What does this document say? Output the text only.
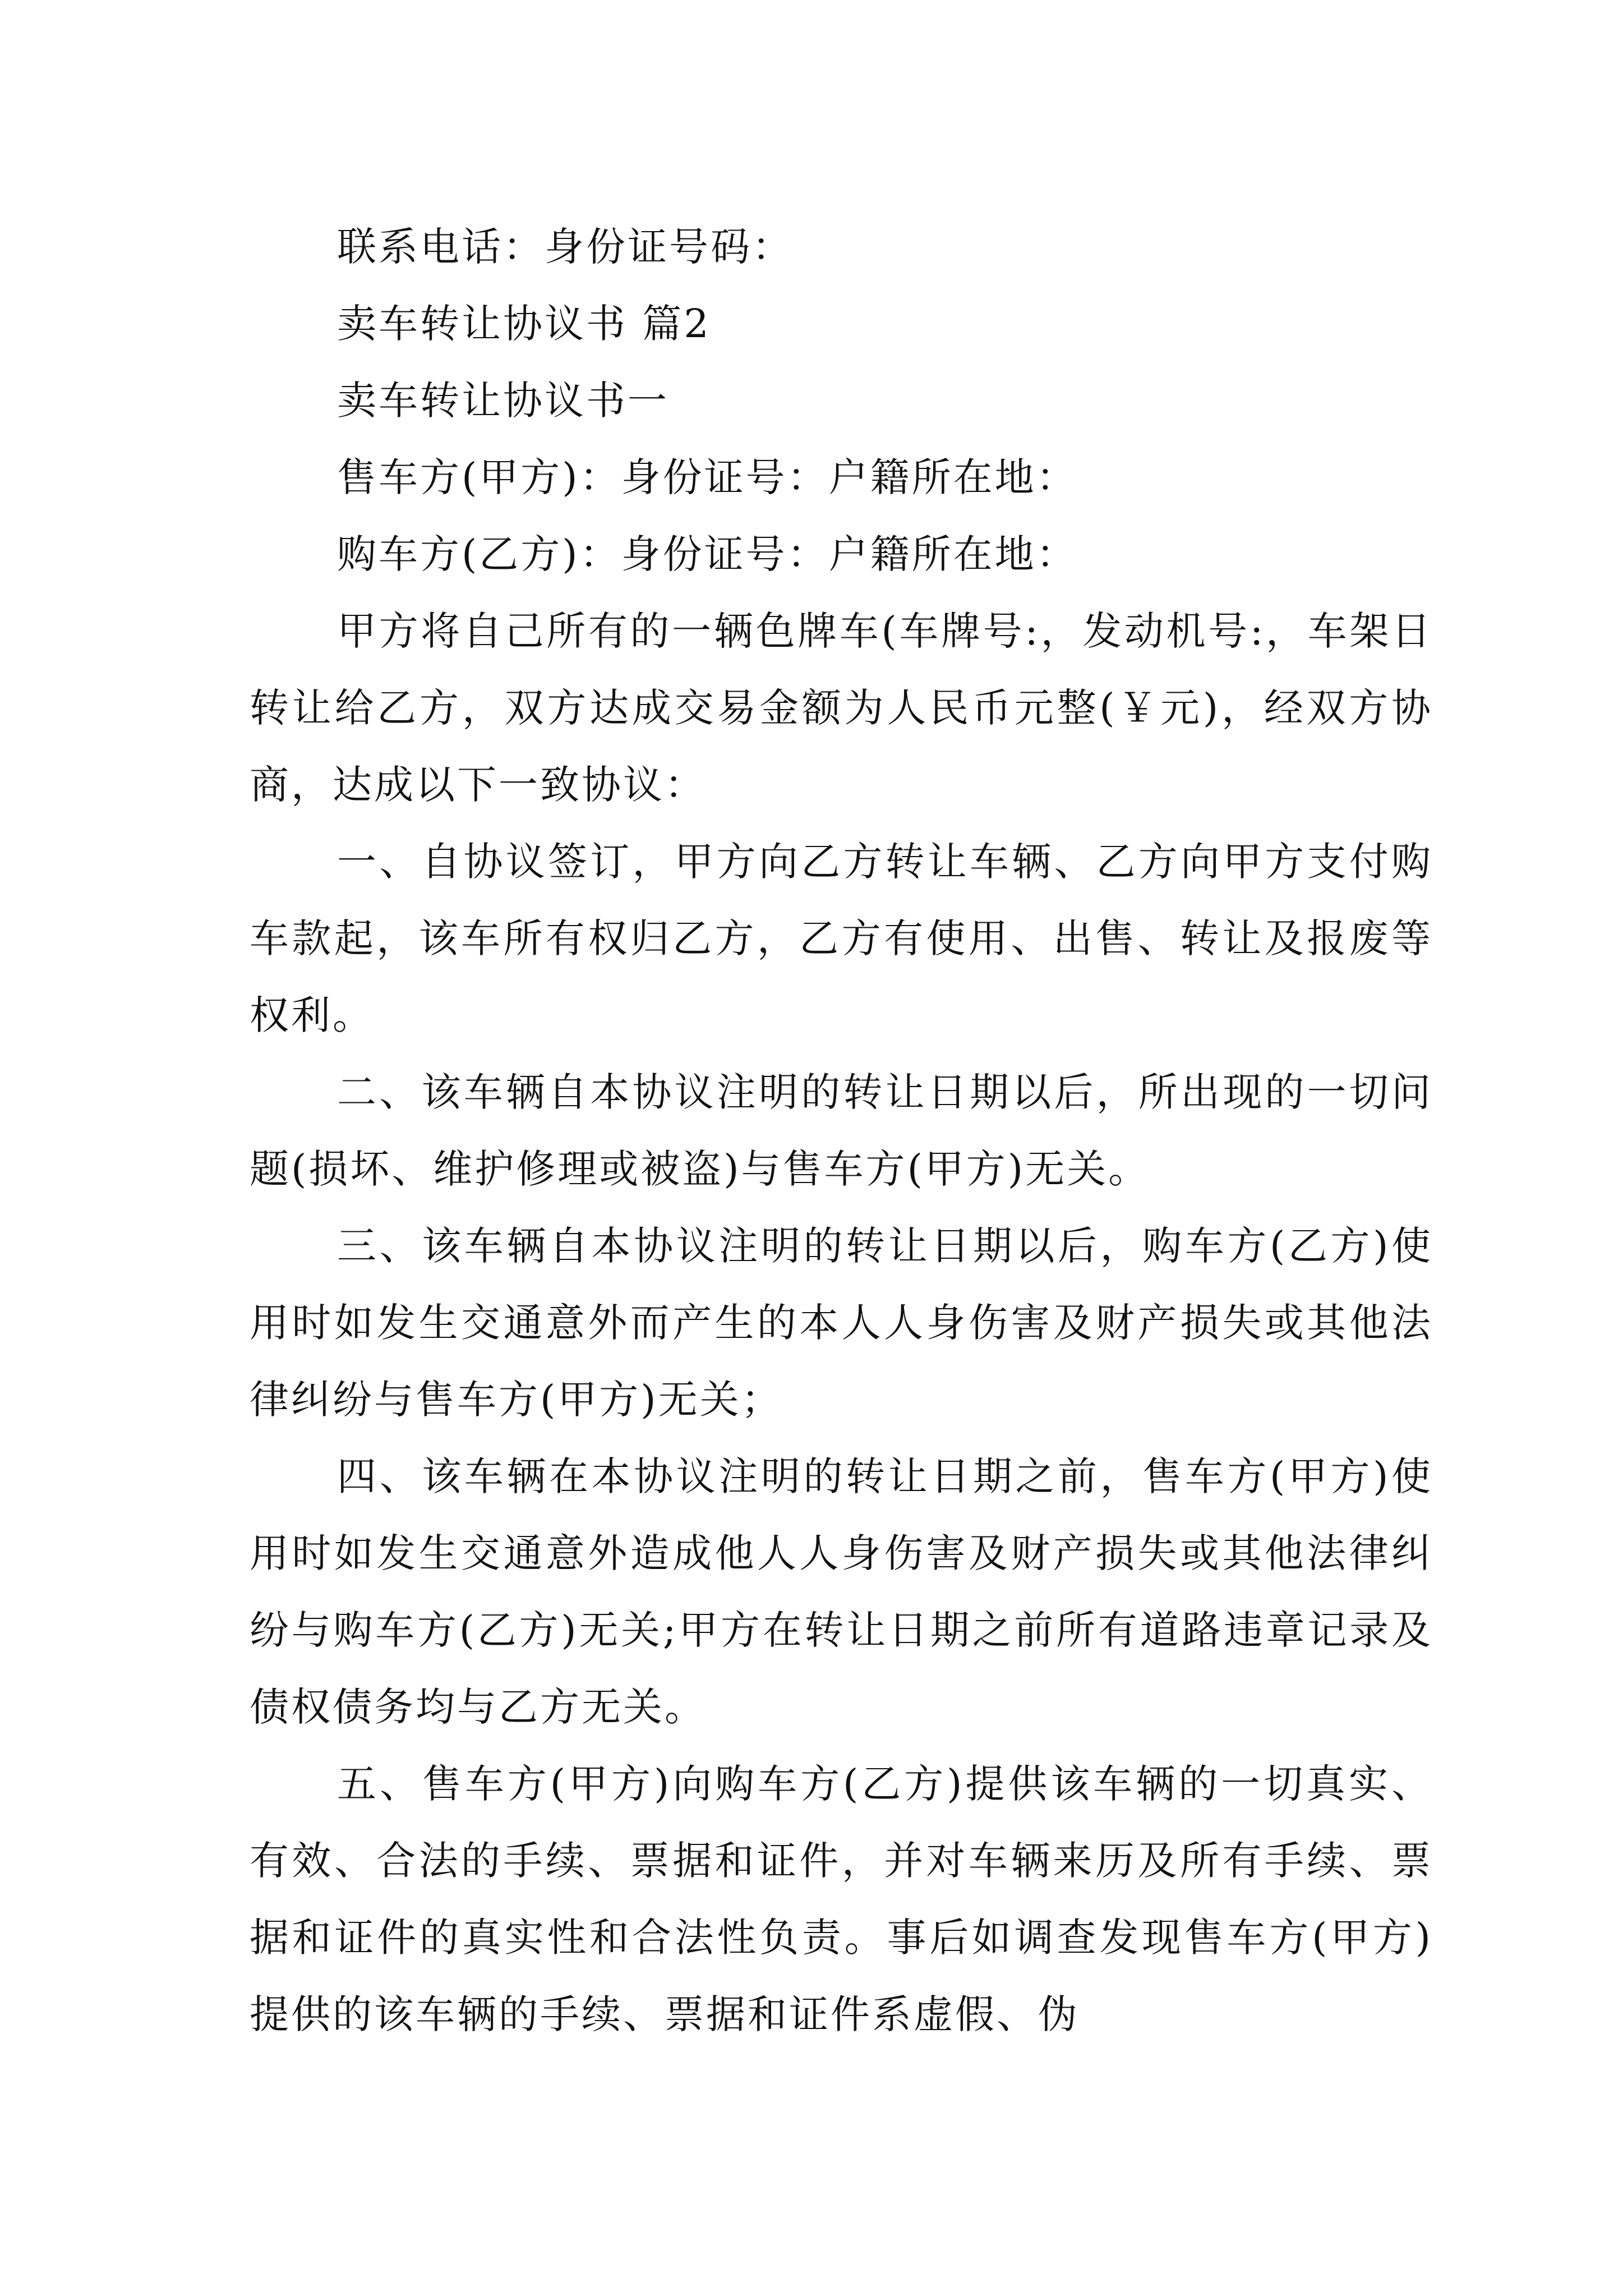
联系电话：身份证号码：

卖车转让协议书 篇2

卖车转让协议书一

售车方(甲方)：身份证号：户籍所在地：

购车方(乙方)：身份证号：户籍所在地：

甲方将自己所有的一辆色牌车(车牌号:，发动机号:，车架日转让给乙方，双方达成交易金额为人民币元整(￥元)，经双方协商，达成以下一致协议：

一、自协议签订，甲方向乙方转让车辆、乙方向甲方支付购车款起，该车所有权归乙方，乙方有使用、出售、转让及报废等权利。

二、该车辆自本协议注明的转让日期以后，所出现的一切问题(损坏、维护修理或被盗)与售车方(甲方)无关。

三、该车辆自本协议注明的转让日期以后，购车方(乙方)使用时如发生交通意外而产生的本人人身伤害及财产损失或其他法律纠纷与售车方(甲方)无关；

四、该车辆在本协议注明的转让日期之前，售车方(甲方)使用时如发生交通意外造成他人人身伤害及财产损失或其他法律纠纷与购车方(乙方)无关;甲方在转让日期之前所有道路违章记录及债权债务均与乙方无关。

五、售车方(甲方)向购车方(乙方)提供该车辆的一切真实、有效、合法的手续、票据和证件，并对车辆来历及所有手续、票据和证件的真实性和合法性负责。事后如调查发现售车方(甲方)提供的该车辆的手续、票据和证件系虚假、伪
